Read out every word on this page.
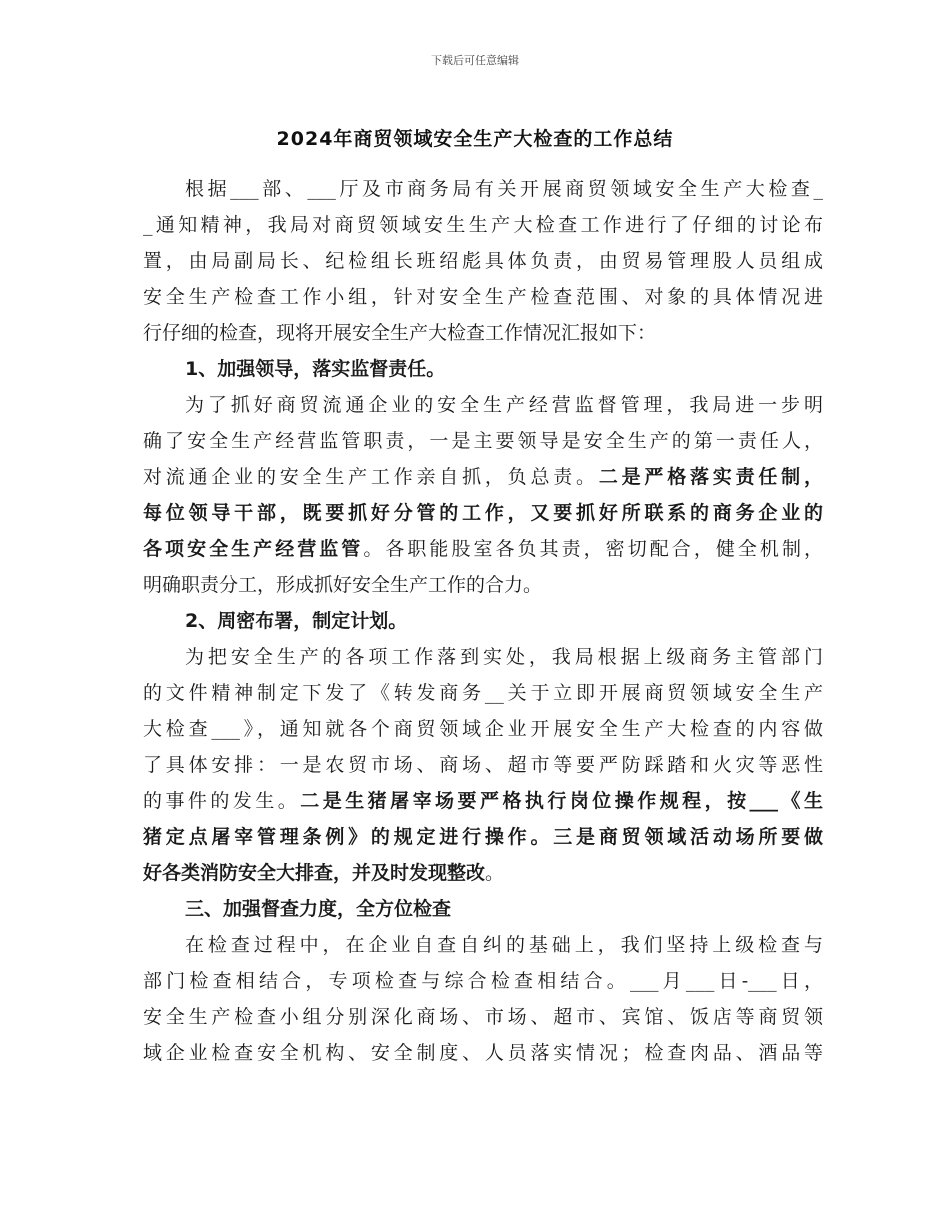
下载后可任意编辑
2024年商贸领域安全生产大检查的工作总结
根据___部、___厅及市商务局有关开展商贸领域安全生产大检查_
_通知精神，我局对商贸领域安生生产大检查工作进行了仔细的讨论布
置，由局副局长、纪检组长班绍彪具体负责，由贸易管理股人员组成
安全生产检查工作小组，针对安全生产检查范围、对象的具体情况进
行仔细的检查，现将开展安全生产大检查工作情况汇报如下：
1、加强领导，落实监督责任。
为了抓好商贸流通企业的安全生产经营监督管理，我局进一步明
确了安全生产经营监管职责，一是主要领导是安全生产的第一责任人，
对流通企业的安全生产工作亲自抓，负总责。二是严格落实责任制，
每位领导干部，既要抓好分管的工作，又要抓好所联系的商务企业的
各项安全生产经营监管。各职能股室各负其责，密切配合，健全机制，
明确职责分工，形成抓好安全生产工作的合力。
2、周密布署，制定计划。
为把安全生产的各项工作落到实处，我局根据上级商务主管部门
的文件精神制定下发了《转发商务__关于立即开展商贸领域安全生产
大检查___》，通知就各个商贸领域企业开展安全生产大检查的内容做
了具体安排：一是农贸市场、商场、超市等要严防踩踏和火灾等恶性
的事件的发生。二是生猪屠宰场要严格执行岗位操作规程，按___《生
猪定点屠宰管理条例》的规定进行操作。三是商贸领域活动场所要做
好各类消防安全大排查，并及时发现整改。
三、加强督查力度，全方位检查
在检查过程中，在企业自查自纠的基础上，我们坚持上级检查与
部门检查相结合，专项检查与综合检查相结合。___月___日-___日，
安全生产检查小组分别深化商场、市场、超市、宾馆、饭店等商贸领
域企业检查安全机构、安全制度、人员落实情况；检查肉品、酒品等
